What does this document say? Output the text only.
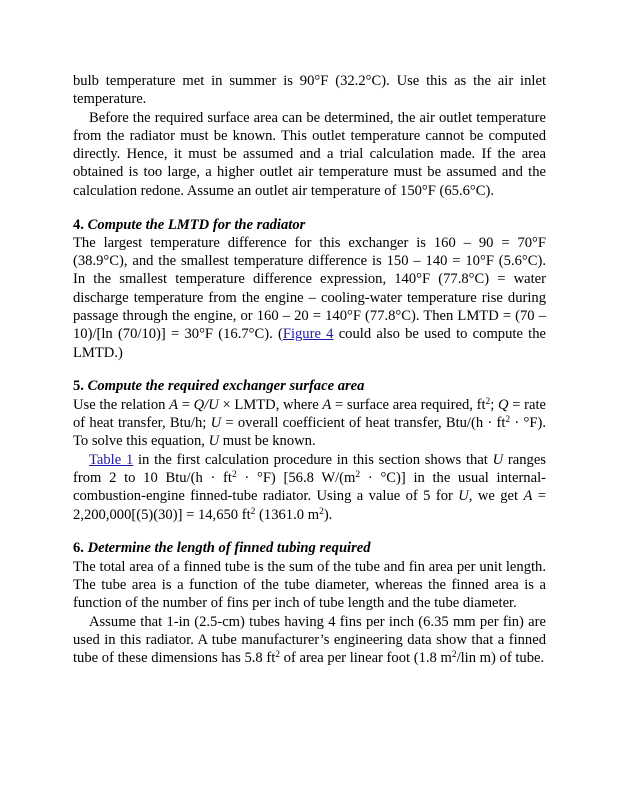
bulb temperature met in summer is 90°F (32.2°C). Use this as the air inlet temperature.

Before the required surface area can be determined, the air outlet temperature from the radiator must be known. This outlet temperature cannot be computed directly. Hence, it must be assumed and a trial calculation made. If the area obtained is too large, a higher outlet air temperature must be assumed and the calculation redone. Assume an outlet air temperature of 150°F (65.6°C).

4. Compute the LMTD for the radiator

The largest temperature difference for this exchanger is 160 – 90 = 70°F (38.9°C), and the smallest temperature difference is 150 – 140 = 10°F (5.6°C). In the smallest temperature difference expression, 140°F (77.8°C) = water discharge temperature from the engine – cooling-water temperature rise during passage through the engine, or 160 – 20 = 140°F (77.8°C). Then LMTD = (70 – 10)/[ln (70/10)] = 30°F (16.7°C). (Figure 4 could also be used to compute the LMTD.)

5. Compute the required exchanger surface area

Use the relation A = Q/U × LMTD, where A = surface area required, $ft^2$; Q = rate of heat transfer, Btu/h; U = overall coefficient of heat transfer, $Btu/(h \cdot ft^2 \cdot ^\circ F)$. To solve this equation, U must be known.

Table 1 in the first calculation procedure in this section shows that U ranges from 2 to 10 $Btu/(h \cdot ft^2 \cdot ^\circ F)$ [56.8 $W/(m^2 \cdot ^\circ C)$] in the usual internal-combustion-engine finned-tube radiator. Using a value of 5 for U, we get A = 2,200,000[(5)(30)] = 14,650 $ft^2$ (1361.0 $m^2$).

6. Determine the length of finned tubing required

The total area of a finned tube is the sum of the tube and fin area per unit length. The tube area is a function of the tube diameter, whereas the finned area is a function of the number of fins per inch of tube length and the tube diameter.

Assume that 1-in (2.5-cm) tubes having 4 fins per inch (6.35 mm per fin) are used in this radiator. A tube manufacturer’s engineering data show that a finned tube of these dimensions has 5.8 $ft^2$ of area per linear foot (1.8 $m^2$/lin m) of tube.
